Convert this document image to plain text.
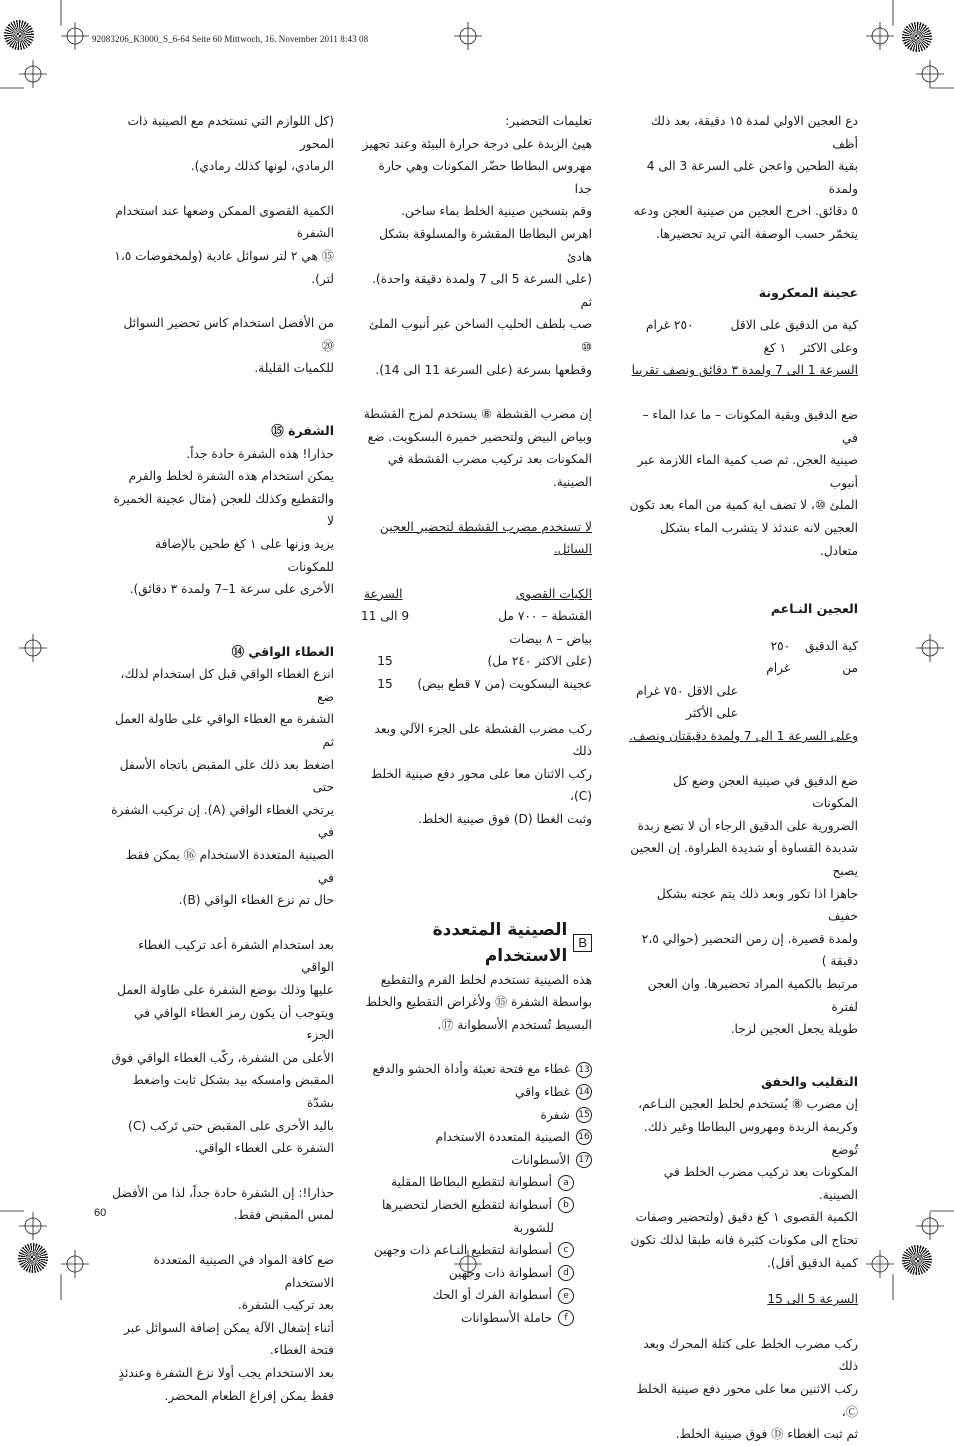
92083206_K3000_S_6-64 Seite 60 Mittwoch, 16. November 2011 8:43 08

دع العجين الاولي لمدة ١٥ دقيقة، بعد ذلك أظف

بقية الطحين واعجن على السرعة 3 الى 4 ولمدة

٥ دقائق. اخرج العجين من صينية العجن ودعه

يتخمّر حسب الوصفة التي تريد تحضيرها.

عجينة المعكرونة

كية من الدقيق على الاقل
٢٥٠ غرام
وعلى الاكثر
١ كغ

السرعة 1 الى 7 ولمدة ٣ دقائق ونصف تقريبا

ضع الدقيق وبقية المكونات – ما عدا الماء – في

صينية العجن. ثم صب كمية الماء اللازمة عبر أنبوب

الملئ ⑩، لا تضف اية كمية من الماء بعد تكون

العجين لانه عندئذ لا يتشرب الماء بشكل متعادل.

العجين النـاعم

كية الدقيق من
٢٥٠ غرام
على الاقل
٧٥٠ غرام
على الأكثر

وعلى السرعة 1 الى 7 ولمدة دقيقتان ونصف.

ضع الدقيق في صينية العجن وضع كل المكونات

الضرورية على الدقيق الرجاء أن لا تضع زبدة

شديدة القساوة أو شديدة الطراوة. إن العجين يصبح

جاهزا اذا تكور وبعد ذلك يتم عجنه بشكل خفيف

ولمدة قصيرة. إن زمن التحضير (حوالي ٢،٥ دقيقة )

مرتبط بالكمية المراد تحضيرها. وان العجن لفترة

طويلة يجعل العجين لزجا.

التقليب والخفق

إن مضرب ⑧ يُستخدم لخلط العجين النـاعم،

وكريمة الزبدة ومهروس البطاطا وغير ذلك. تُوضع

المكونات بعد تركيب مضرب الخلط في الصينية.

الكمية القصوى ١ كغ دقيق (ولتحضير وصفات

تحتاج الى مكونات كثيرة فانه طبقا لذلك تكون

كمية الدقيق أقل).

السرعة 5 الى 15

ركب مضرب الخلط على كتلة المحرك وبعد ذلك

ركب الاثنين معا على محور دفع صينية الخلط Ⓒ،

ثم ثبت الغطاء Ⓓ فوق صينية الخلط.

تعليمات التحضير:

هيئ الزبدة على درجة حرارة البيئة وعند تجهيز

مهروس البطاطا حضّر المكونات وهي حارة جدا

وقم بتسخين صينية الخلط بماء ساخن.

اهرس البطاطا المقشرة والمسلوقة بشكل هادئ

(على السرعة 5 الى 7 ولمدة دقيقة واحدة). ثم

صب بلطف الحليب الساخن عبر أنبوب الملئ ⑩

وقطعها بسرعة (على السرعة 11 الى 14).

إن مضرب القشطة ⑧ يستخدم لمزج القشطة

وبياض البيض ولتحضير خميرة البسكويت. ضع

المكونات بعد تركيب مضرب القشطة في الصينية.

لا تستخدم مضرب القشطة لتحضير العجين

السائل.

الكيات القصوى
السرعة
القشطة – ٧٠٠ مل
9 الى 11
بياض – ٨ بيضات
(على الاكثر ٢٤٠ مل)
15
عجينة البسكويت (من ٧ قطع بيض)
15

ركب مضرب القشطة على الجزء الآلي وبعد ذلك

ركب الاثنان معا على محور دفع صينية الخلط (C)،

وثبت الغطا (D) فوق صينية الخلط.

B
الصينية المتعددة الاستخدام

هذه الصينية تستخدم لخلط الفرم والتقطيع

بواسطة الشفرة ⑮ ولأغراض التقطيع والخلط

البسيط تُستخدم الأسطوانة ⑰.

13
غطاء مع فتحة تعبئة وأداة الحشو والدفع
14
غطاء واقي
15
شفرة
16
الصينية المتعددة الاستخدام
17
الأسطوانات
a
أسطوانة لتقطيع البطاطا المقلية
b
أسطوانة لتقطيع الخضار لتحضيرها
للشوربة
c
أسطوانة لتقطيع النـاعم ذات وجهين
d
أسطوانة ذات وجهين
e
أسطوانة الفرك أو الحك
f
حاملة الأسطوانات

(كل اللوازم التي تستخدم مع الصينية ذات المحور

الرمادي، لونها كذلك رمادي).

الكمية القصوى الممكن وضعها عند استخدام الشفرة

⑮ هي ٢ لتر سوائل عادية (ولمخفوضات ١،٥ لتر).

من الأفضل استخدام كاس تحضير السوائل ⑳

للكميات القليلة.

الشفرة ⑮

حذارا! هذه الشفرة حادة جداً.

يمكن استخدام هذه الشفرة لخلط والفرم

والتقطيع وكذلك للعجن (مثال عجينة الخميرة لا

يزيد وزنها على ١ كغ طحين بالإضافة للمكونات

الأخرى على سرعة 1–7 ولمدة ٣ دقائق).

الغطاء الواقي ⑭

انزع الغطاء الواقي قبل كل استخدام لذلك، ضع

الشفرة مع الغطاء الواقي على طاولة العمل ثم

اضغط بعد ذلك على المقبض باتجاه الأسفل حتى

يرتخي الغطاء الواقي (A). إن تركيب الشفرة في

الصينية المتعددة الاستخدام ⑯ يمكن فقط في

حال تم نزع الغطاء الواقي (B).

بعد استخدام الشفرة أعد تركيب الغطاء الواقي

عليها وذلك بوضع الشفرة على طاولة العمل

ويتوجب أن يكون رمز الغطاء الواقي في الجزء

الأعلى من الشفرة، ركّب الغطاء الواقي فوق

المقبض وامسكه بيد بشكل ثابت واضغط بشدّة

باليد الأخرى على المقبض حتى تَركب (C)

الشفرة على الغطاء الواقي.

حذارا!: إن الشفرة حادة جداً، لذا من الأفضل

لمس المقبض فقط.

ضع كافة المواد في الصينية المتعددة الاستخدام

بعد تركيب الشفرة.

أثناء إشغال الآلة يمكن إضافة السوائل عبر

فتحة الغطاء.

بعد الاستخدام يجب أولا نزع الشفرة وعندئذٍ

فقط يمكن إفراغ الطعام المحضر.

60
